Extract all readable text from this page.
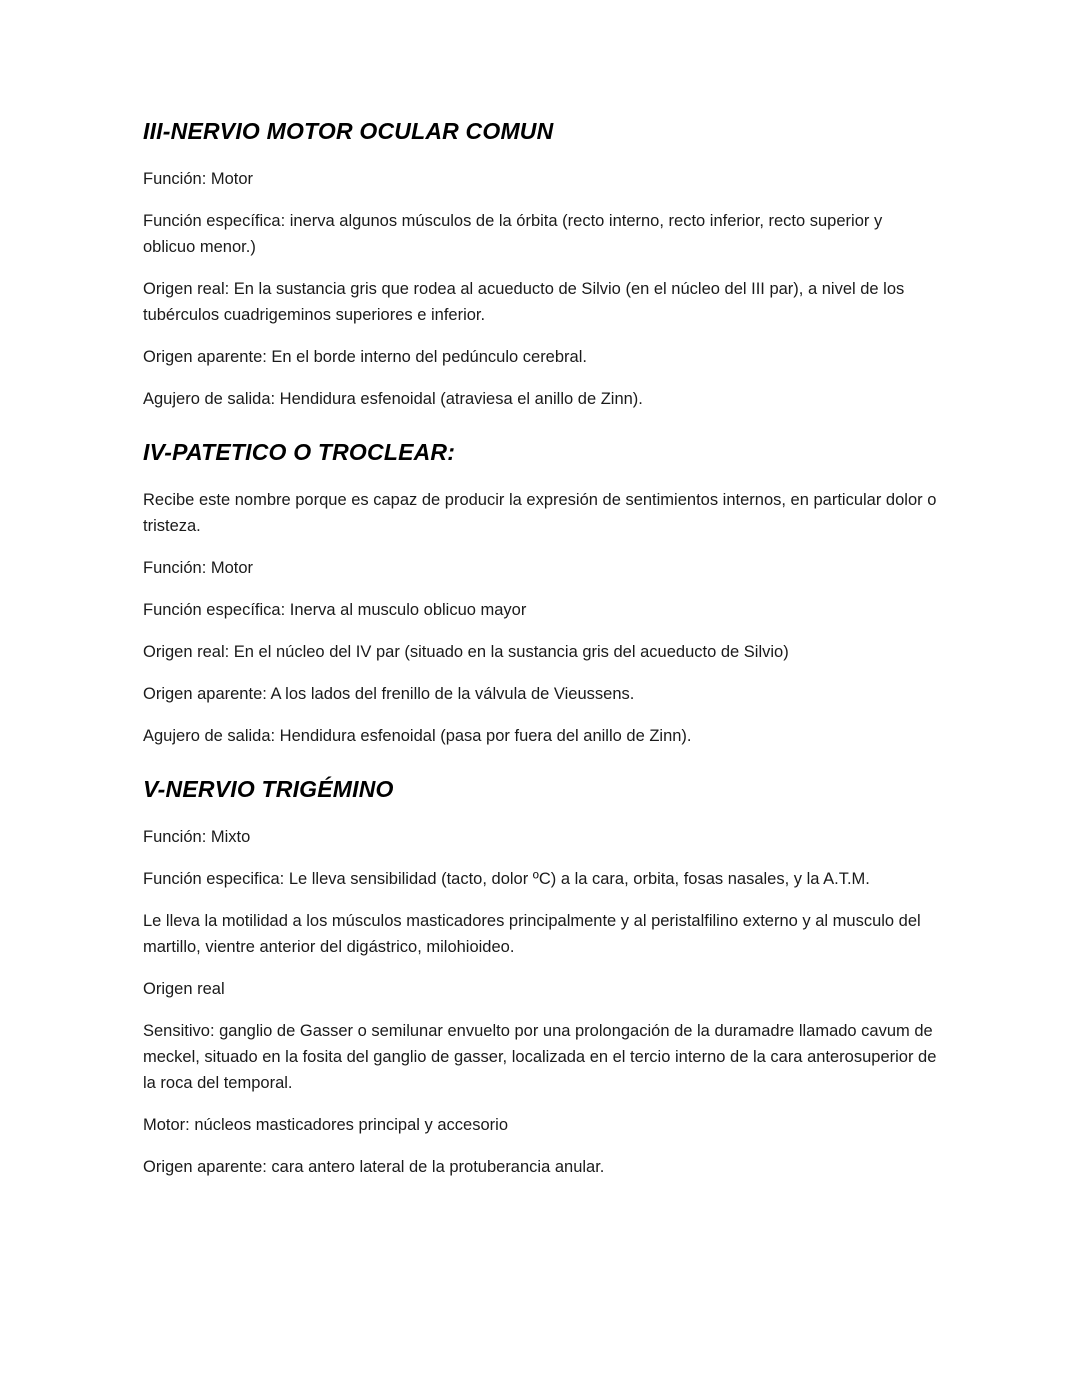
III-NERVIO MOTOR OCULAR COMUN

Función: Motor

Función específica: inerva algunos músculos de la órbita (recto interno, recto inferior, recto superior y oblicuo menor.)

Origen real: En la sustancia gris que rodea al acueducto de Silvio (en el núcleo del III par), a nivel de los tubérculos cuadrigeminos superiores e inferior.

Origen aparente: En el borde interno del pedúnculo cerebral.

Agujero de salida: Hendidura esfenoidal (atraviesa el anillo de Zinn).

IV-PATETICO O TROCLEAR:

Recibe este nombre porque es capaz de producir la expresión de sentimientos internos, en particular dolor o tristeza.

Función: Motor

Función específica: Inerva al musculo oblicuo mayor

Origen real: En el núcleo del IV par (situado en la sustancia gris del acueducto de Silvio)

Origen aparente: A los lados del frenillo de la válvula de Vieussens.

Agujero de salida: Hendidura esfenoidal (pasa por fuera del anillo de Zinn).

V-NERVIO TRIGÉMINO

Función: Mixto

Función especifica: Le lleva sensibilidad (tacto, dolor ºC) a la cara, orbita, fosas nasales, y la A.T.M.

Le lleva la motilidad a los músculos masticadores principalmente y al peristalfilino externo y al musculo del martillo, vientre anterior del digástrico, milohioideo.

Origen real

Sensitivo: ganglio de Gasser o semilunar envuelto por una prolongación de la duramadre llamado cavum de meckel, situado en la fosita del ganglio de gasser, localizada en el tercio interno de la cara anterosuperior de la roca del temporal.

Motor: núcleos masticadores principal y accesorio

Origen aparente: cara antero lateral de la protuberancia anular.
